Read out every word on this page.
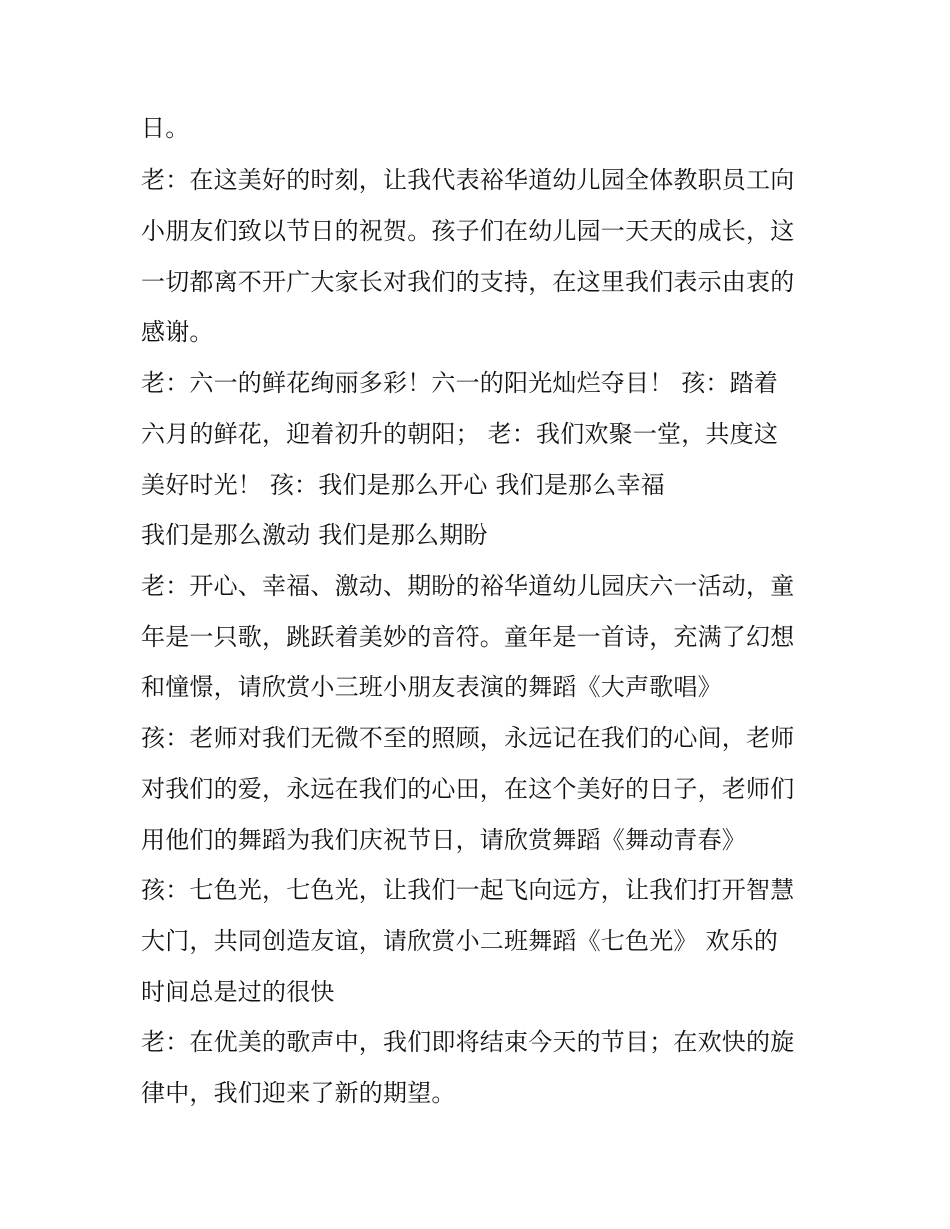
日。
老：在这美好的时刻，让我代表裕华道幼儿园全体教职员工向
小朋友们致以节日的祝贺。孩子们在幼儿园一天天的成长，这
一切都离不开广大家长对我们的支持，在这里我们表示由衷的
感谢。
老：六一的鲜花绚丽多彩！六一的阳光灿烂夺目！ 孩：踏着
六月的鲜花，迎着初升的朝阳； 老：我们欢聚一堂，共度这
美好时光！ 孩：我们是那么开心 我们是那么幸福
我们是那么激动 我们是那么期盼
老：开心、幸福、激动、期盼的裕华道幼儿园庆六一活动，童
年是一只歌，跳跃着美妙的音符。童年是一首诗，充满了幻想
和憧憬，请欣赏小三班小朋友表演的舞蹈《大声歌唱》
孩：老师对我们无微不至的照顾，永远记在我们的心间，老师
对我们的爱，永远在我们的心田，在这个美好的日子，老师们
用他们的舞蹈为我们庆祝节日，请欣赏舞蹈《舞动青春》
孩：七色光，七色光，让我们一起飞向远方，让我们打开智慧
大门，共同创造友谊，请欣赏小二班舞蹈《七色光》 欢乐的
时间总是过的很快
老：在优美的歌声中，我们即将结束今天的节目；在欢快的旋
律中，我们迎来了新的期望。
